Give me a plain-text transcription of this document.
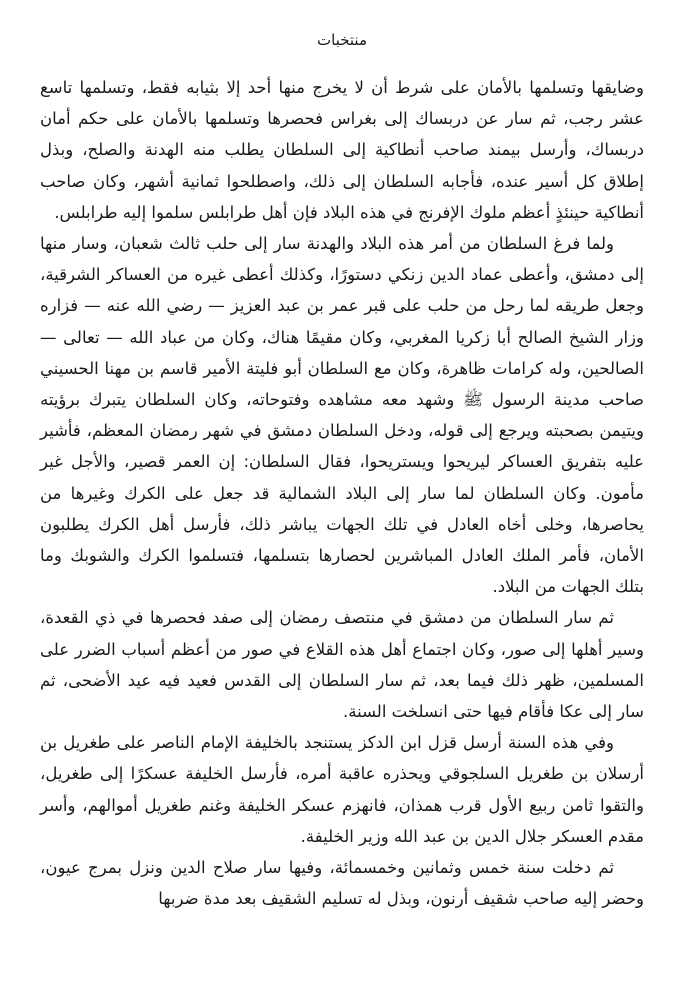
منتخبات

وضايقها وتسلمها بالأمان على شرط أن لا يخرج منها أحد إلا بثيابه فقط، وتسلمها تاسع عشر رجب، ثم سار عن دربساك إلى بغراس فحصرها وتسلمها بالأمان على حكم أمان دربساك، وأرسل بيمند صاحب أنطاكية إلى السلطان يطلب منه الهدنة والصلح، وبذل إطلاق كل أسير عنده، فأجابه السلطان إلى ذلك، واصطلحوا ثمانية أشهر، وكان صاحب أنطاكية حينئذٍ أعظم ملوك الإفرنج في هذه البلاد فإن أهل طرابلس سلموا إليه طرابلس.

ولما فرغ السلطان من أمر هذه البلاد والهدنة سار إلى حلب ثالث شعبان، وسار منها إلى دمشق، وأعطى عماد الدين زنكي دستورًا، وكذلك أعطى غيره من العساكر الشرقية، وجعل طريقه لما رحل من حلب على قبر عمر بن عبد العزيز — رضي الله عنه — فزاره وزار الشيخ الصالح أبا زكريا المغربي، وكان مقيمًا هناك، وكان من عباد الله — تعالى — الصالحين، وله كرامات ظاهرة، وكان مع السلطان أبو فليتة الأمير قاسم بن مهنا الحسيني صاحب مدينة الرسول ﷺ وشهد معه مشاهده وفتوحاته، وكان السلطان يتبرك برؤيته ويتيمن بصحبته ويرجع إلى قوله، ودخل السلطان دمشق في شهر رمضان المعظم، فأشير عليه بتفريق العساكر ليريحوا ويستريحوا، فقال السلطان: إن العمر قصير، والأجل غير مأمون. وكان السلطان لما سار إلى البلاد الشمالية قد جعل على الكرك وغيرها من يحاصرها، وخلى أخاه العادل في تلك الجهات يباشر ذلك، فأرسل أهل الكرك يطلبون الأمان، فأمر الملك العادل المباشرين لحصارها بتسلمها، فتسلموا الكرك والشوبك وما بتلك الجهات من البلاد.

ثم سار السلطان من دمشق في منتصف رمضان إلى صفد فحصرها في ذي القعدة، وسير أهلها إلى صور، وكان اجتماع أهل هذه القلاع في صور من أعظم أسباب الضرر على المسلمين، ظهر ذلك فيما بعد، ثم سار السلطان إلى القدس فعيد فيه عيد الأضحى، ثم سار إلى عكا فأقام فيها حتى انسلخت السنة.

وفي هذه السنة أرسل قزل ابن الدكز يستنجد بالخليفة الإمام الناصر على طغريل بن أرسلان بن طغريل السلجوقي ويحذره عاقبة أمره، فأرسل الخليفة عسكرًا إلى طغريل، والتقوا ثامن ربيع الأول قرب همذان، فانهزم عسكر الخليفة وغنم طغريل أموالهم، وأسر مقدم العسكر جلال الدين بن عبد الله وزير الخليفة.

ثم دخلت سنة خمس وثمانين وخمسمائة، وفيها سار صلاح الدين ونزل بمرج عيون، وحضر إليه صاحب شقيف أرنون، وبذل له تسليم الشقيف بعد مدة ضربها
